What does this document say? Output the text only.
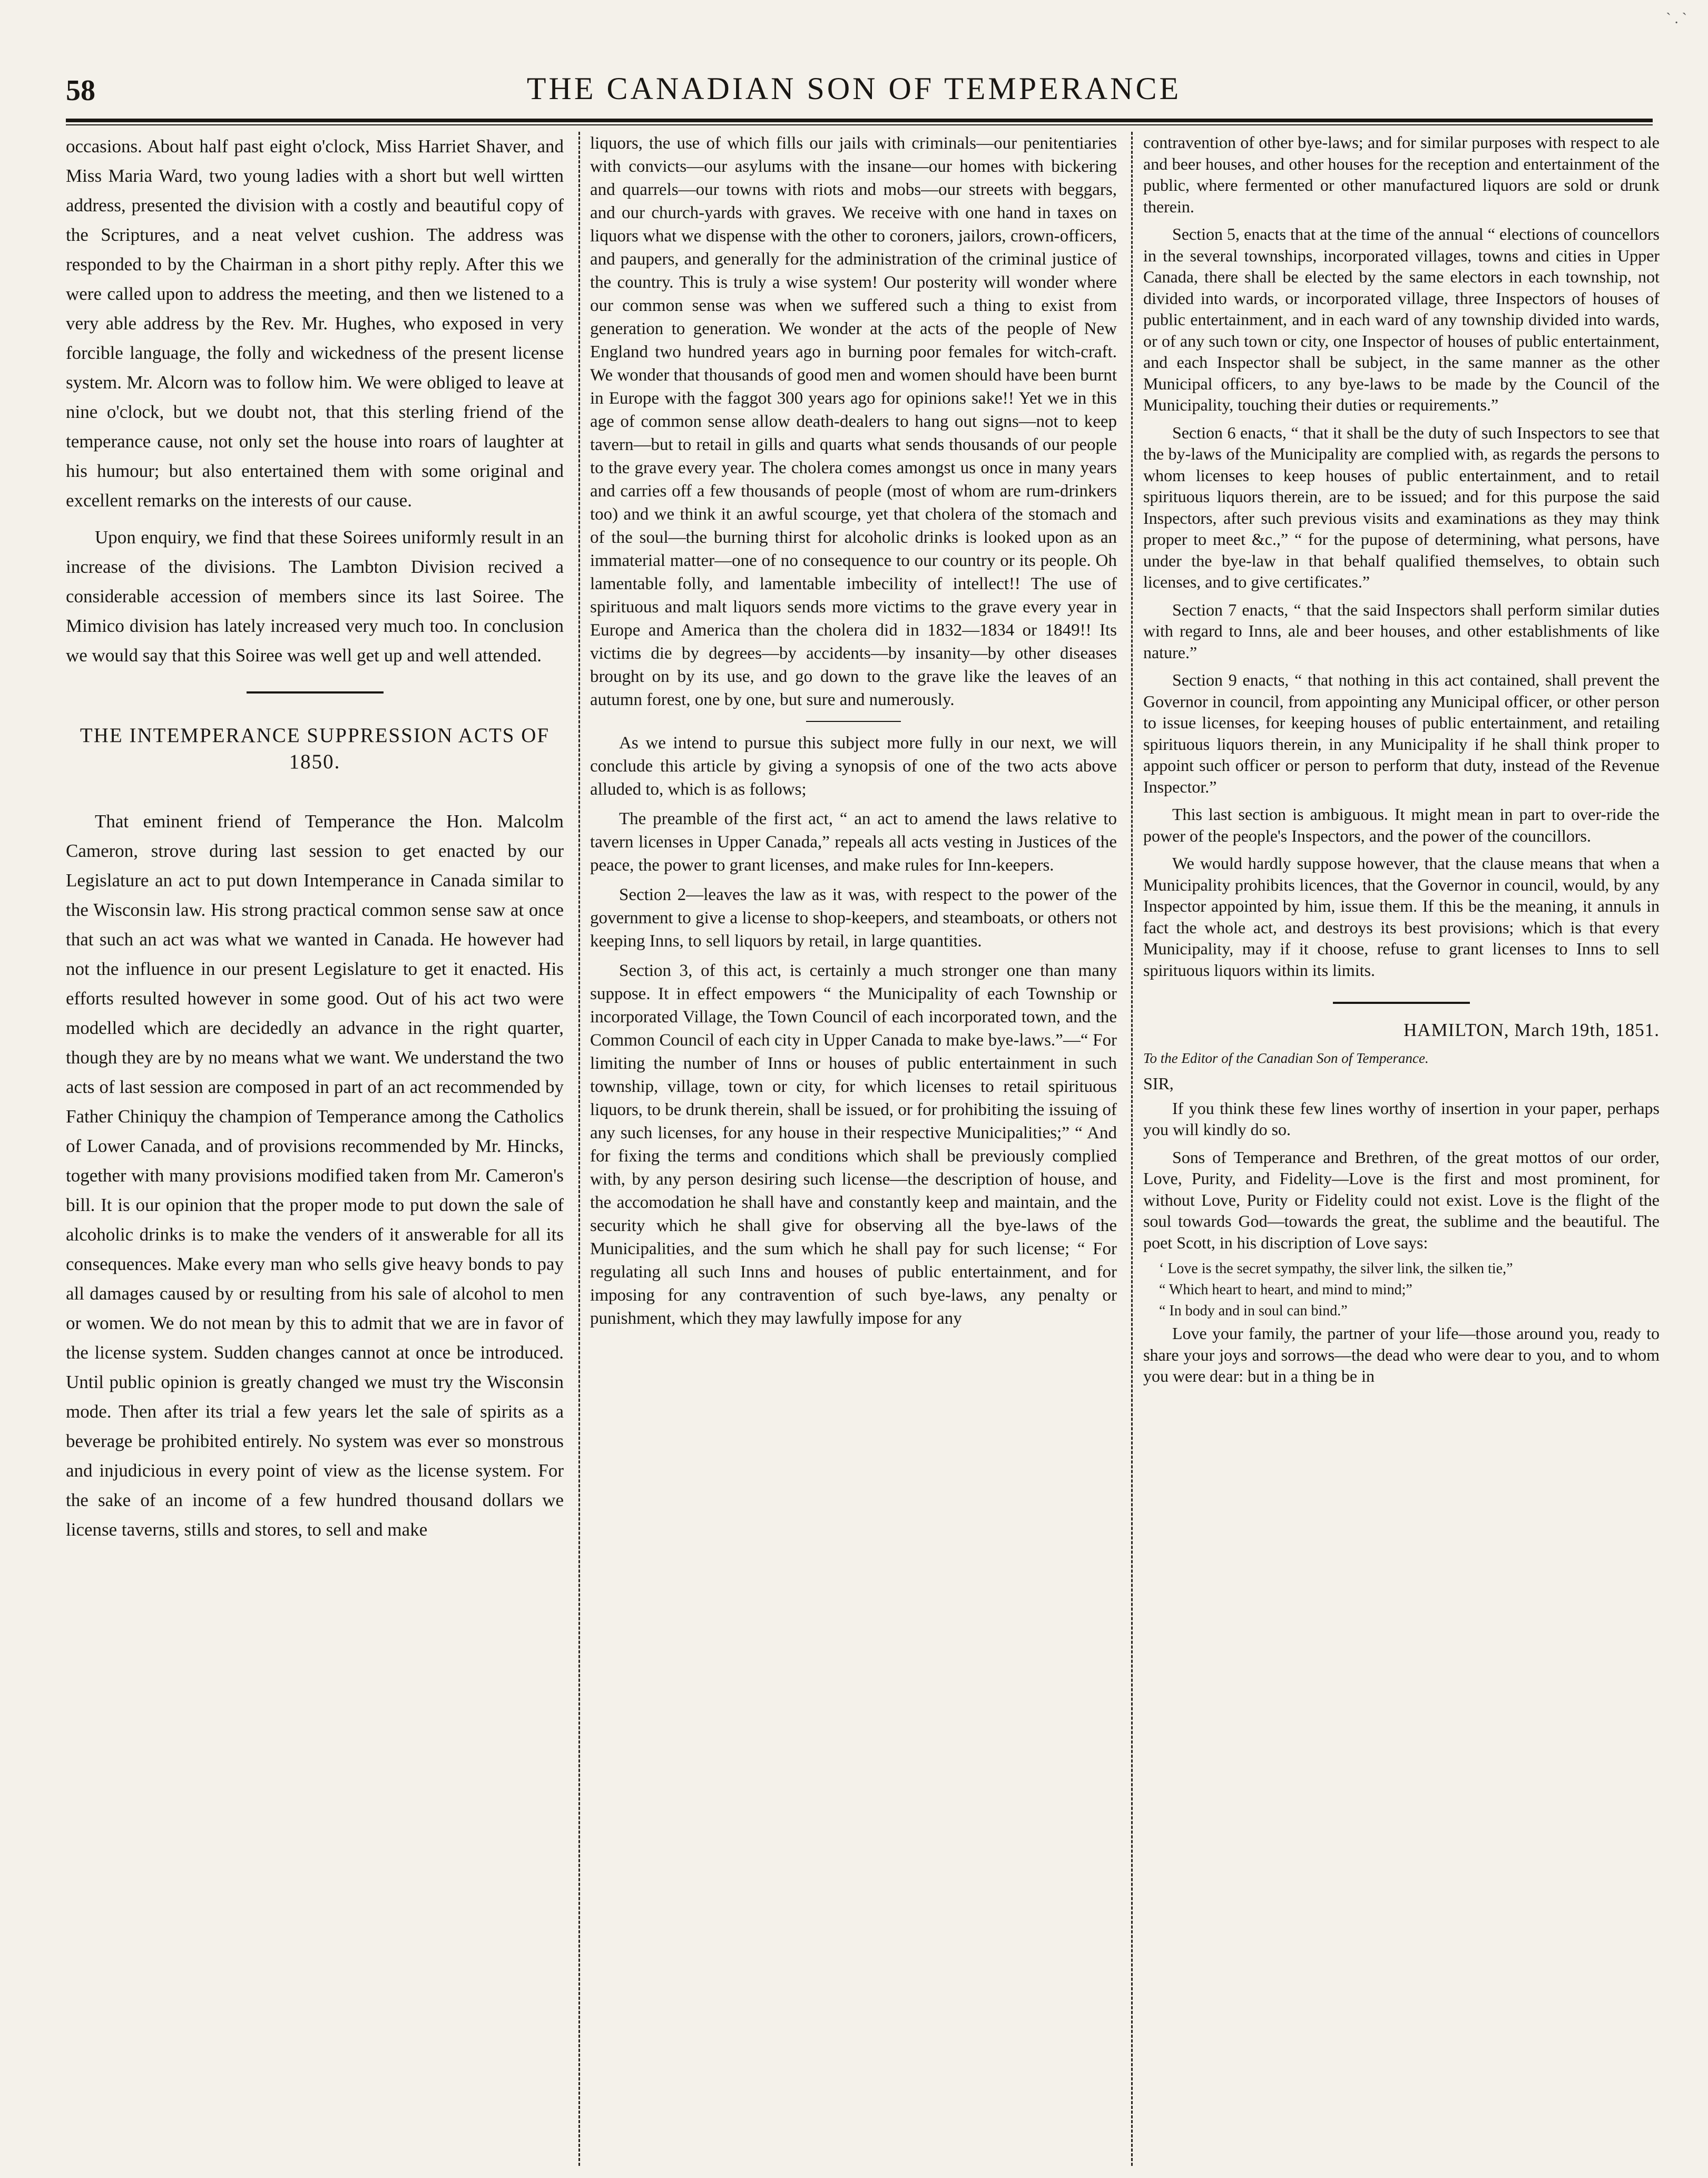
` . `
58	THE CANADIAN SON OF TEMPERANCE

occasions. About half past eight o'clock, Miss Harriet Shaver, and Miss Maria Ward, two young ladies with a short but well wirtten address, presented the division with a costly and beautiful copy of the Scriptures, and a neat velvet cushion. The address was responded to by the Chairman in a short pithy reply. After this we were called upon to address the meeting, and then we listened to a very able address by the Rev. Mr. Hughes, who exposed in very forcible language, the folly and wickedness of the present license system. Mr. Alcorn was to follow him. We were obliged to leave at nine o'clock, but we doubt not, that this sterling friend of the temperance cause, not only set the house into roars of laughter at his humour; but also entertained them with some original and excellent remarks on the interests of our cause.

Upon enquiry, we find that these Soirees uniformly result in an increase of the divisions. The Lambton Division recived a considerable accession of members since its last Soiree. The Mimico division has lately increased very much too. In conclusion we would say that this Soiree was well get up and well attended.

THE INTEMPERANCE SUPPRESSION ACTS OF 1850.

That eminent friend of Temperance the Hon. Malcolm Cameron, strove during last session to get enacted by our Legislature an act to put down Intemperance in Canada similar to the Wisconsin law. His strong practical common sense saw at once that such an act was what we wanted in Canada. He however had not the influence in our present Legislature to get it enacted. His efforts resulted however in some good. Out of his act two were modelled which are decidedly an advance in the right quarter, though they are by no means what we want. We understand the two acts of last session are composed in part of an act recommended by Father Chiniquy the champion of Temperance among the Catholics of Lower Canada, and of provisions recommended by Mr. Hincks, together with many provisions modified taken from Mr. Cameron's bill. It is our opinion that the proper mode to put down the sale of alcoholic drinks is to make the venders of it answerable for all its consequences. Make every man who sells give heavy bonds to pay all damages caused by or resulting from his sale of alcohol to men or women. We do not mean by this to admit that we are in favor of the license system. Sudden changes cannot at once be introduced. Until public opinion is greatly changed we must try the Wisconsin mode. Then after its trial a few years let the sale of spirits as a beverage be prohibited entirely. No system was ever so monstrous and injudicious in every point of view as the license system. For the sake of an income of a few hundred thousand dollars we license taverns, stills and stores, to sell and make

liquors, the use of which fills our jails with criminals—our penitentiaries with convicts—our asylums with the insane—our homes with bickering and quarrels—our towns with riots and mobs—our streets with beggars, and our church-yards with graves. We receive with one hand in taxes on liquors what we dispense with the other to coroners, jailors, crown-officers, and paupers, and generally for the administration of the criminal justice of the country. This is truly a wise system! Our posterity will wonder where our common sense was when we suffered such a thing to exist from generation to generation. We wonder at the acts of the people of New England two hundred years ago in burning poor females for witch-craft. We wonder that thousands of good men and women should have been burnt in Europe with the faggot 300 years ago for opinions sake!! Yet we in this age of common sense allow death-dealers to hang out signs—not to keep tavern—but to retail in gills and quarts what sends thousands of our people to the grave every year. The cholera comes amongst us once in many years and carries off a few thousands of people (most of whom are rum-drinkers too) and we think it an awful scourge, yet that cholera of the stomach and of the soul—the burning thirst for alcoholic drinks is looked upon as an immaterial matter—one of no consequence to our country or its people. Oh lamentable folly, and lamentable imbecility of intellect!! The use of spirituous and malt liquors sends more victims to the grave every year in Europe and America than the cholera did in 1832—1834 or 1849!! Its victims die by degrees—by accidents—by insanity—by other diseases brought on by its use, and go down to the grave like the leaves of an autumn forest, one by one, but sure and numerously.

As we intend to pursue this subject more fully in our next, we will conclude this article by giving a synopsis of one of the two acts above alluded to, which is as follows;

The preamble of the first act, “ an act to amend the laws relative to tavern licenses in Upper Canada,” repeals all acts vesting in Justices of the peace, the power to grant licenses, and make rules for Inn-keepers.

Section 2—leaves the law as it was, with respect to the power of the government to give a license to shop-keepers, and steamboats, or others not keeping Inns, to sell liquors by retail, in large quantities.

Section 3, of this act, is certainly a much stronger one than many suppose. It in effect empowers “ the Municipality of each Township or incorporated Village, the Town Council of each incorporated town, and the Common Council of each city in Upper Canada to make bye-laws.”—“ For limiting the number of Inns or houses of public entertainment in such township, village, town or city, for which licenses to retail spirituous liquors, to be drunk therein, shall be issued, or for prohibiting the issuing of any such licenses, for any house in their respective Municipalities;” “ And for fixing the terms and conditions which shall be previously complied with, by any person desiring such license—the description of house, and the accomodation he shall have and constantly keep and maintain, and the security which he shall give for observing all the bye-laws of the Municipalities, and the sum which he shall pay for such license; “ For regulating all such Inns and houses of public entertainment, and for imposing for any contravention of such bye-laws, any penalty or punishment, which they may lawfully impose for any

contravention of other bye-laws; and for similar purposes with respect to ale and beer houses, and other houses for the reception and entertainment of the public, where fermented or other manufactured liquors are sold or drunk therein.

Section 5, enacts that at the time of the annual “ elections of councellors in the several townships, incorporated villages, towns and cities in Upper Canada, there shall be elected by the same electors in each township, not divided into wards, or incorporated village, three Inspectors of houses of public entertainment, and in each ward of any township divided into wards, or of any such town or city, one Inspector of houses of public entertainment, and each Inspector shall be subject, in the same manner as the other Municipal officers, to any bye-laws to be made by the Council of the Municipality, touching their duties or requirements.”

Section 6 enacts, “ that it shall be the duty of such Inspectors to see that the by-laws of the Municipality are complied with, as regards the persons to whom licenses to keep houses of public entertainment, and to retail spirituous liquors therein, are to be issued; and for this purpose the said Inspectors, after such previous visits and examinations as they may think proper to meet &c.,” “ for the pupose of determining, what persons, have under the bye-law in that behalf qualified themselves, to obtain such licenses, and to give certificates.”

Section 7 enacts, “ that the said Inspectors shall perform similar duties with regard to Inns, ale and beer houses, and other establishments of like nature.”

Section 9 enacts, “ that nothing in this act contained, shall prevent the Governor in council, from appointing any Municipal officer, or other person to issue licenses, for keeping houses of public entertainment, and retailing spirituous liquors therein, in any Municipality if he shall think proper to appoint such officer or person to perform that duty, instead of the Revenue Inspector.”

This last section is ambiguous. It might mean in part to over-ride the power of the people's Inspectors, and the power of the councillors.

We would hardly suppose however, that the clause means that when a Municipality prohibits licences, that the Governor in council, would, by any Inspector appointed by him, issue them. If this be the meaning, it annuls in fact the whole act, and destroys its best provisions; which is that every Municipality, may if it choose, refuse to grant licenses to Inns to sell spirituous liquors within its limits.

HAMILTON, March 19th, 1851.

To the Editor of the Canadian Son of Temperance.

SIR,

If you think these few lines worthy of insertion in your paper, perhaps you will kindly do so.

Sons of Temperance and Brethren, of the great mottos of our order, Love, Purity, and Fidelity—Love is the first and most prominent, for without Love, Purity or Fidelity could not exist. Love is the flight of the soul towards God—towards the great, the sublime and the beautiful. The poet Scott, in his discription of Love says:

‘ Love is the secret sympathy, the silver link, the silken tie,”

“ Which heart to heart, and mind to mind;”

“ In body and in soul can bind.”

Love your family, the partner of your life—those around you, ready to share your joys and sorrows—the dead who were dear to you, and to whom you were dear: but in a thing be in
